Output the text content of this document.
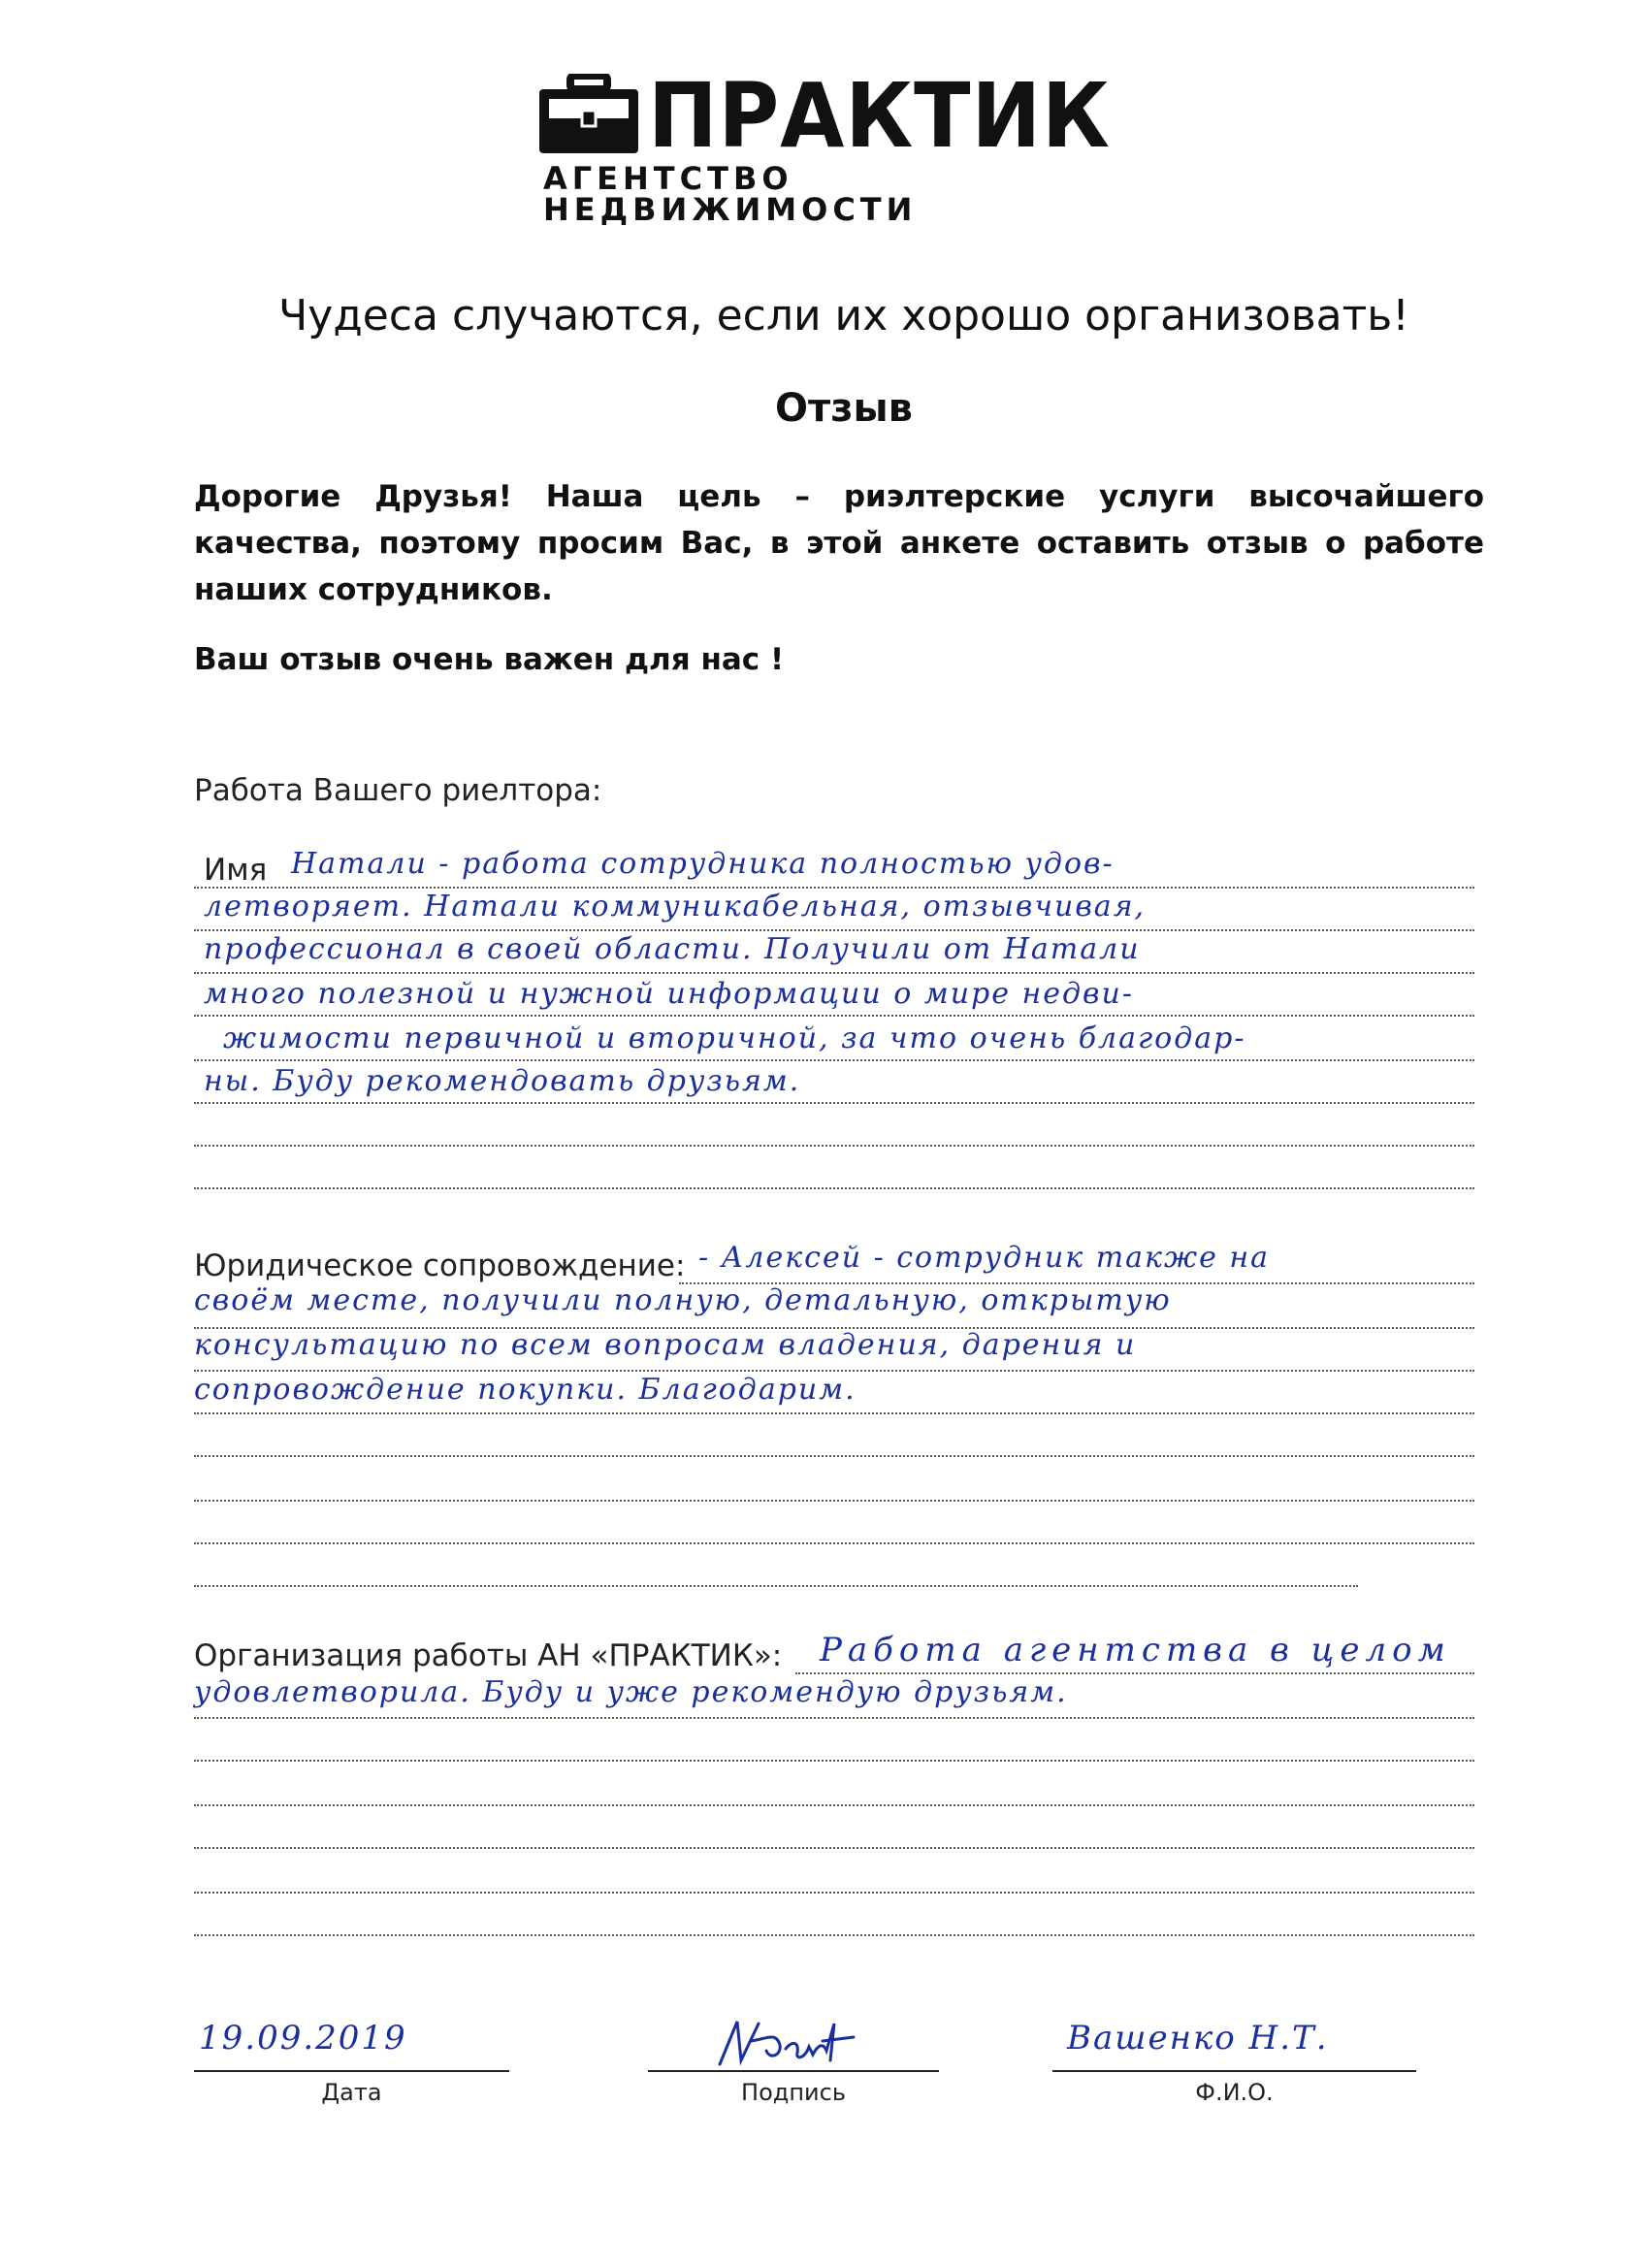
ПРАКТИК
АГЕНТСТВО НЕДВИЖИМОСТИ
Чудеса случаются, если их хорошо организовать!
Отзыв
Дорогие Друзья! Наша цель – риэлтерские услуги высочайшего качества, поэтому просим Вас, в этой анкете оставить отзыв о работе наших сотрудников.
Ваш отзыв очень важен для нас !
Работа Вашего риелтора:
Имя Натали - работа сотрудника полностью удов-
летворяет. Натали коммуникабельная, отзывчивая,
профессионал в своей области. Получили от Натали
много полезной и нужной информации о мире недви-
жимости первичной и вторичной, за что очень благодар-
ны. Буду рекомендовать друзьям.
Юридическое сопровождение: - Алексей - сотрудник также на
своём месте, получили полную, детальную, открытую
консультацию по всем вопросам владения, дарения и
сопровождение покупки. Благодарим.
Организация работы АН «ПРАКТИК»: Работа агентства в целом
удовлетворила. Буду и уже рекомендую друзьям.
19.09.2019
Дата	Подпись
Вашенко Н.Т.
Ф.И.О.
